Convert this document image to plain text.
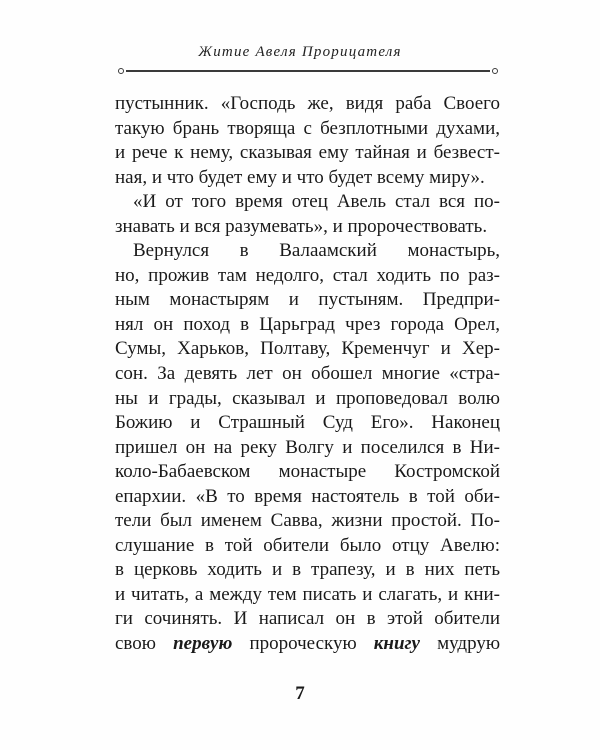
Житие Авеля Прорицателя
пустынник. «Господь же, видя раба Своего
такую брань творяща с безплотными духами,
и рече к нему, сказывая ему тайная и безвест-
ная, и что будет ему и что будет всему миру».
«И от того время отец Авель стал вся по-
знавать и вся разумевать», и пророчествовать.
Вернулся в Валаамский монастырь,
но, прожив там недолго, стал ходить по раз-
ным монастырям и пустыням. Предпри-
нял он поход в Царьград чрез города Орел,
Сумы, Харьков, Полтаву, Кременчуг и Хер-
сон. За девять лет он обошел многие «стра-
ны и грады, сказывал и проповедовал волю
Божию и Страшный Суд Его». Наконец
пришел он на реку Волгу и поселился в Ни-
коло-Бабаевском монастыре Костромской
епархии. «В то время настоятель в той оби-
тели был именем Савва, жизни простой. По-
слушание в той обители было отцу Авелю:
в церковь ходить и в трапезу, и в них петь
и читать, а между тем писать и слагать, и кни-
ги сочинять. И написал он в этой обители
свою первую пророческую книгу мудрую
7
